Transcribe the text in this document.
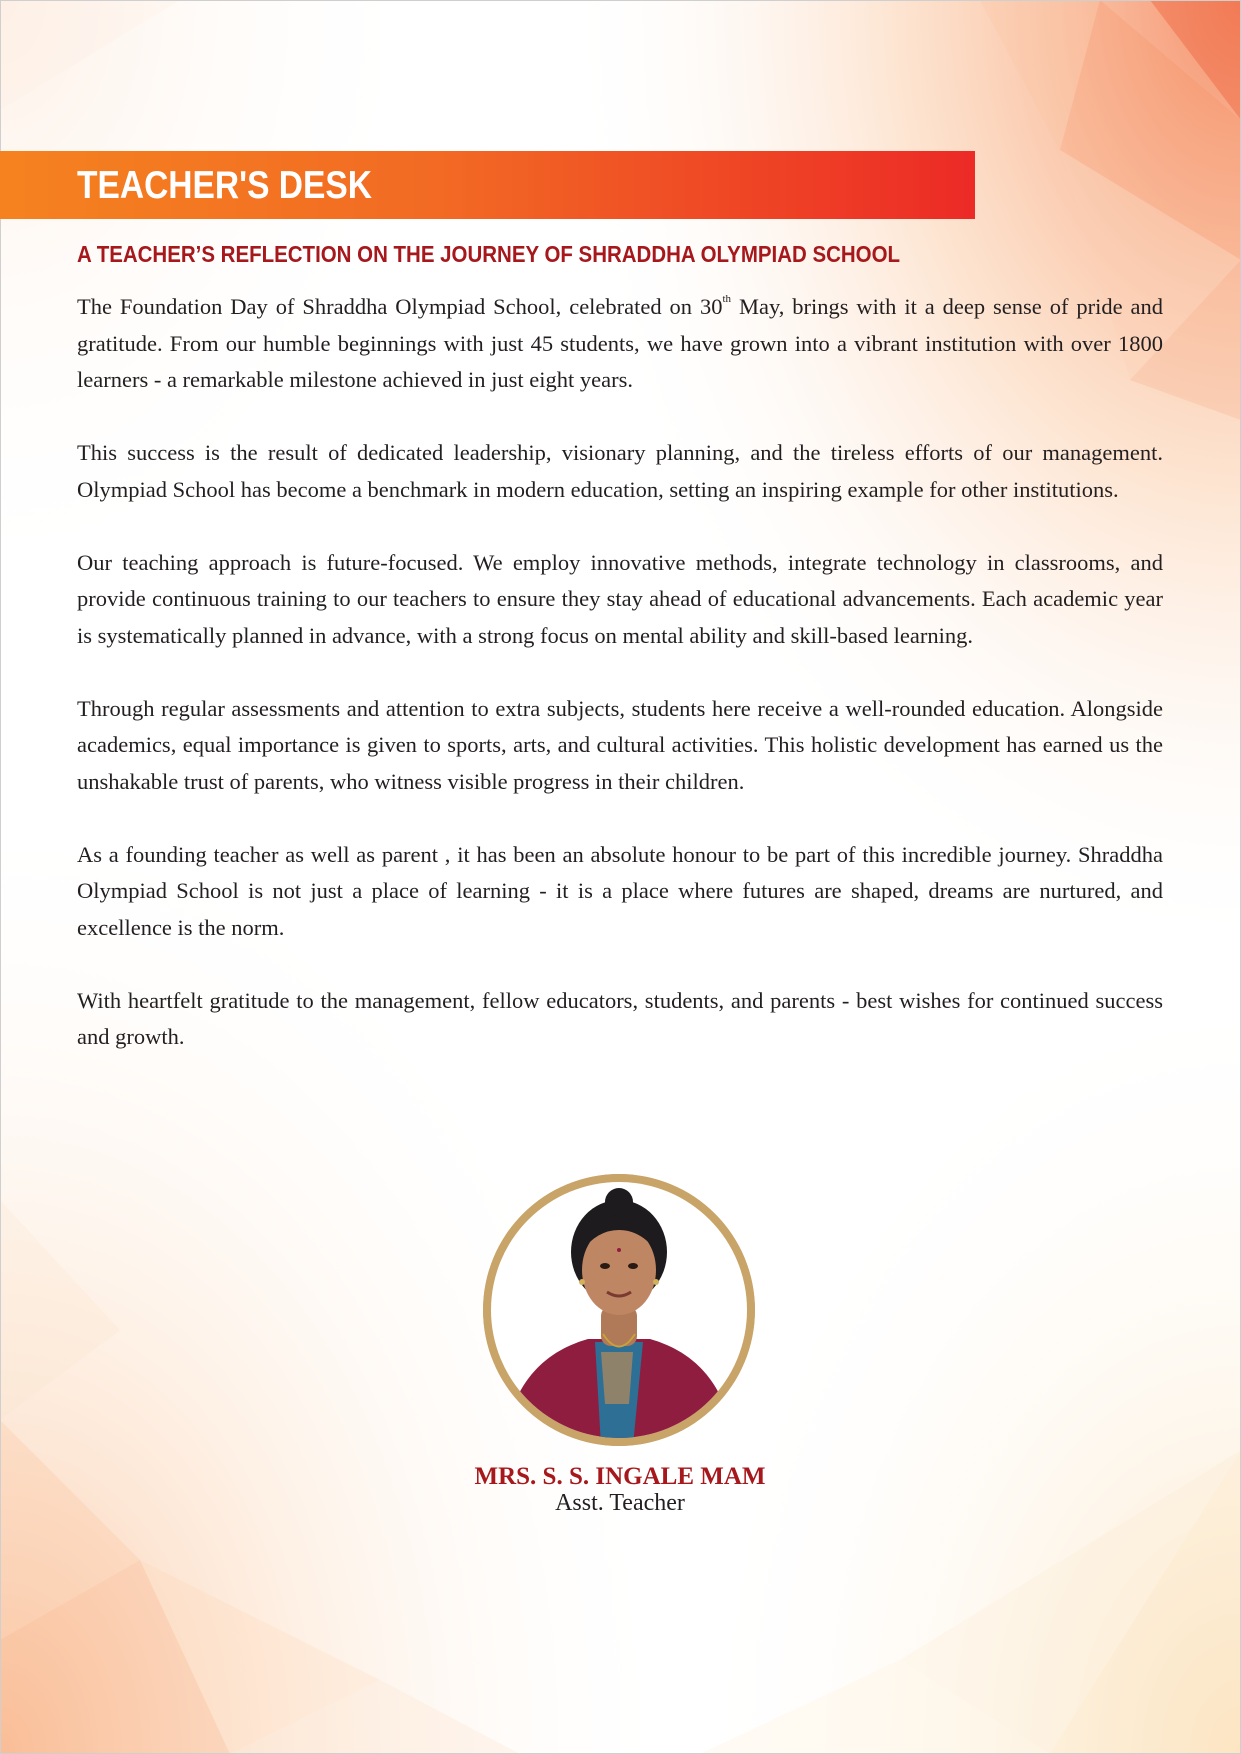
TEACHER'S DESK
A TEACHER’S REFLECTION ON THE JOURNEY OF SHRADDHA OLYMPIAD SCHOOL

The Foundation Day of Shraddha Olympiad School, celebrated on 30th May, brings with it a deep sense of pride and gratitude. From our humble beginnings with just 45 students, we have grown into a vibrant institution with over 1800 learners - a remarkable milestone achieved in just eight years.

This success is the result of dedicated leadership, visionary planning, and the tireless efforts of our management. Olympiad School has become a benchmark in modern education, setting an inspiring example for other institutions.

Our teaching approach is future-focused. We employ innovative methods, integrate technology in classrooms, and provide continuous training to our teachers to ensure they stay ahead of educational advancements. Each academic year is systematically planned in advance, with a strong focus on mental ability and skill-based learning.

Through regular assessments and attention to extra subjects, students here receive a well-rounded education. Alongside academics, equal importance is given to sports, arts, and cultural activities. This holistic development has earned us the unshakable trust of parents, who witness visible progress in their children.

As a founding teacher as well as parent , it has been an absolute honour to be part of this incredible journey. Shraddha Olympiad School is not just a place of learning - it is a place where futures are shaped, dreams are nurtured, and excellence is the norm.

With heartfelt gratitude to the management, fellow educators, students, and parents - best wishes for continued success and growth.

MRS. S. S. INGALE MAM
Asst. Teacher
